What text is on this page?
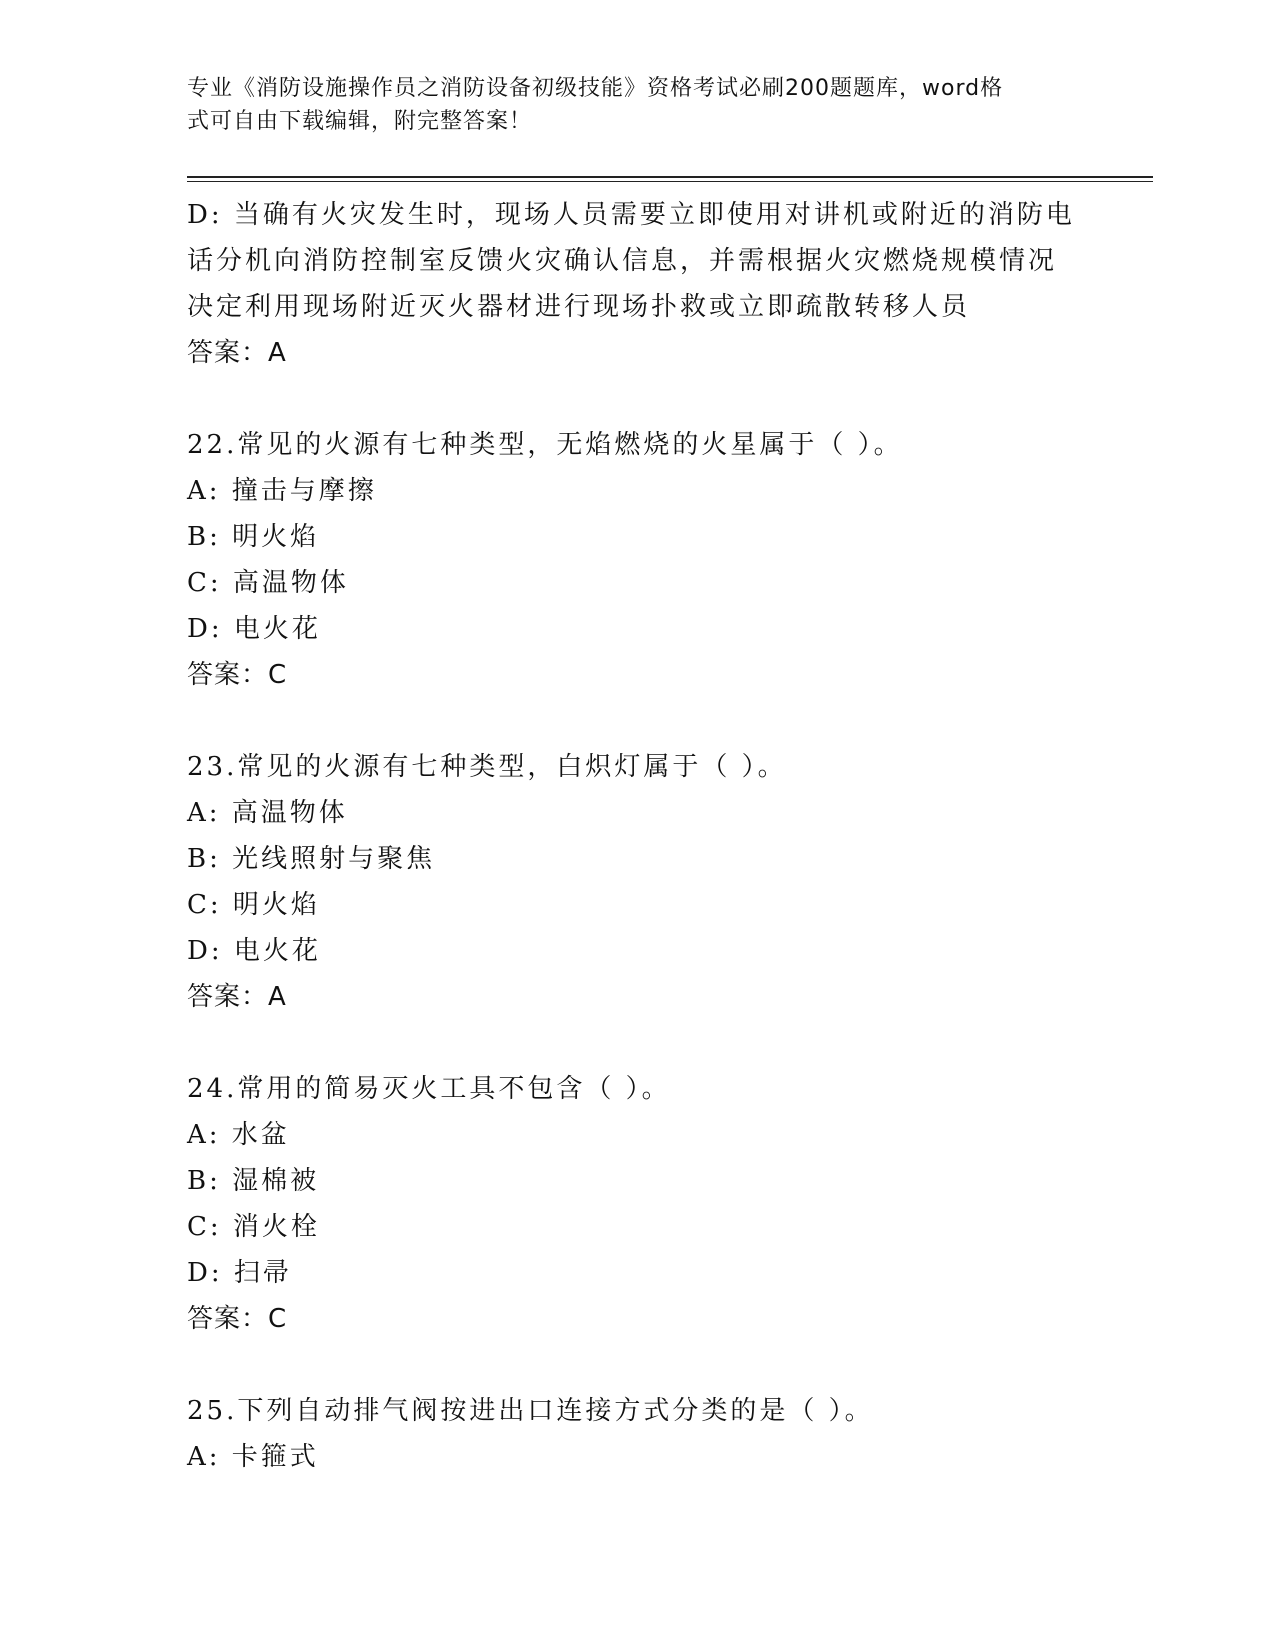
专业《消防设施操作员之消防设备初级技能》资格考试必刷200题题库，word格
式可自由下载编辑，附完整答案！
D: 当确有火灾发生时，现场人员需要立即使用对讲机或附近的消防电
话分机向消防控制室反馈火灾确认信息，并需根据火灾燃烧规模情况
决定利用现场附近灭火器材进行现场扑救或立即疏散转移人员
答案：A
22.常见的火源有七种类型，无焰燃烧的火星属于（ ）。
A: 撞击与摩擦
B: 明火焰
C: 高温物体
D: 电火花
答案：C
23.常见的火源有七种类型，白炽灯属于（ ）。
A: 高温物体
B: 光线照射与聚焦
C: 明火焰
D: 电火花
答案：A
24.常用的简易灭火工具不包含（ ）。
A: 水盆
B: 湿棉被
C: 消火栓
D: 扫帚
答案：C
25.下列自动排气阀按进出口连接方式分类的是（ ）。
A: 卡箍式
